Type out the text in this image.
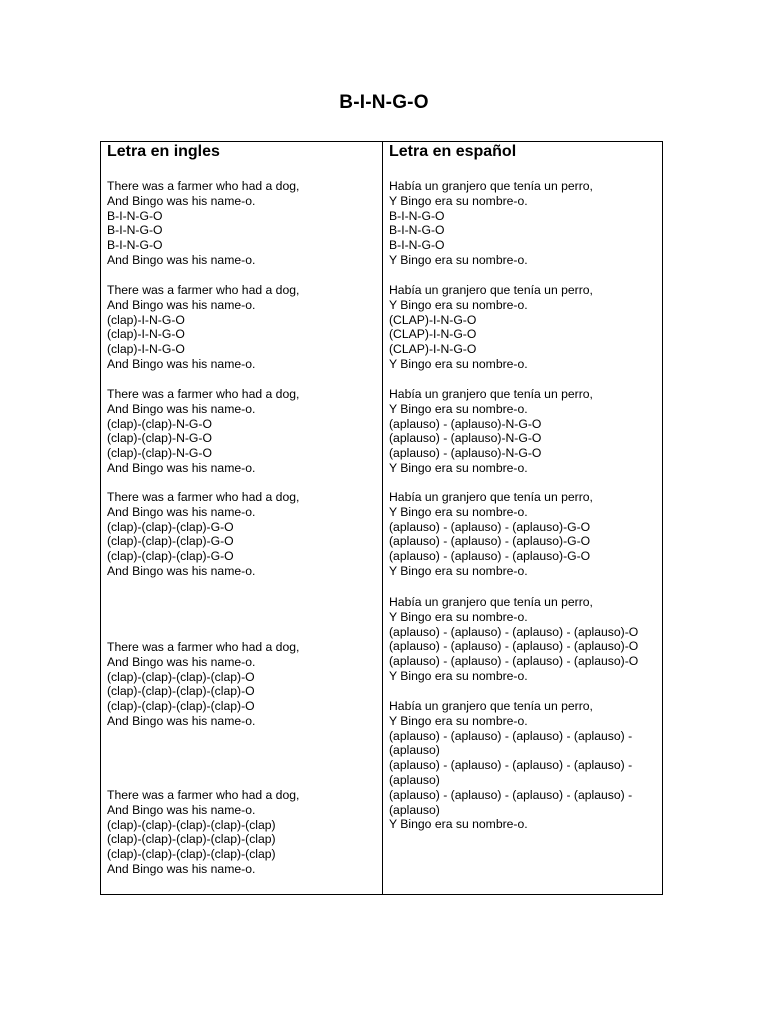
B-I-N-G-O
Letra en ingles
There was a farmer who had a dog,
And Bingo was his name-o.
B-I-N-G-O
B-I-N-G-O
B-I-N-G-O
And Bingo was his name-o.
There was a farmer who had a dog,
And Bingo was his name-o.
(clap)-I-N-G-O
(clap)-I-N-G-O
(clap)-I-N-G-O
And Bingo was his name-o.
There was a farmer who had a dog,
And Bingo was his name-o.
(clap)-(clap)-N-G-O
(clap)-(clap)-N-G-O
(clap)-(clap)-N-G-O
And Bingo was his name-o.
There was a farmer who had a dog,
And Bingo was his name-o.
(clap)-(clap)-(clap)-G-O
(clap)-(clap)-(clap)-G-O
(clap)-(clap)-(clap)-G-O
And Bingo was his name-o.
There was a farmer who had a dog,
And Bingo was his name-o.
(clap)-(clap)-(clap)-(clap)-O
(clap)-(clap)-(clap)-(clap)-O
(clap)-(clap)-(clap)-(clap)-O
And Bingo was his name-o.
There was a farmer who had a dog,
And Bingo was his name-o.
(clap)-(clap)-(clap)-(clap)-(clap)
(clap)-(clap)-(clap)-(clap)-(clap)
(clap)-(clap)-(clap)-(clap)-(clap)
And Bingo was his name-o.
Letra en español
Había un granjero que tenía un perro,
Y Bingo era su nombre-o.
B-I-N-G-O
B-I-N-G-O
B-I-N-G-O
Y Bingo era su nombre-o.
Había un granjero que tenía un perro,
Y Bingo era su nombre-o.
(CLAP)-I-N-G-O
(CLAP)-I-N-G-O
(CLAP)-I-N-G-O
Y Bingo era su nombre-o.
Había un granjero que tenía un perro,
Y Bingo era su nombre-o.
(aplauso) - (aplauso)-N-G-O
(aplauso) - (aplauso)-N-G-O
(aplauso) - (aplauso)-N-G-O
Y Bingo era su nombre-o.
Había un granjero que tenía un perro,
Y Bingo era su nombre-o.
(aplauso) - (aplauso) - (aplauso)-G-O
(aplauso) - (aplauso) - (aplauso)-G-O
(aplauso) - (aplauso) - (aplauso)-G-O
Y Bingo era su nombre-o.
Había un granjero que tenía un perro,
Y Bingo era su nombre-o.
(aplauso) - (aplauso) - (aplauso) - (aplauso)-O
(aplauso) - (aplauso) - (aplauso) - (aplauso)-O
(aplauso) - (aplauso) - (aplauso) - (aplauso)-O
Y Bingo era su nombre-o.
Había un granjero que tenía un perro,
Y Bingo era su nombre-o.
(aplauso) - (aplauso) - (aplauso) - (aplauso) -
(aplauso)
(aplauso) - (aplauso) - (aplauso) - (aplauso) -
(aplauso)
(aplauso) - (aplauso) - (aplauso) - (aplauso) -
(aplauso)
Y Bingo era su nombre-o.
